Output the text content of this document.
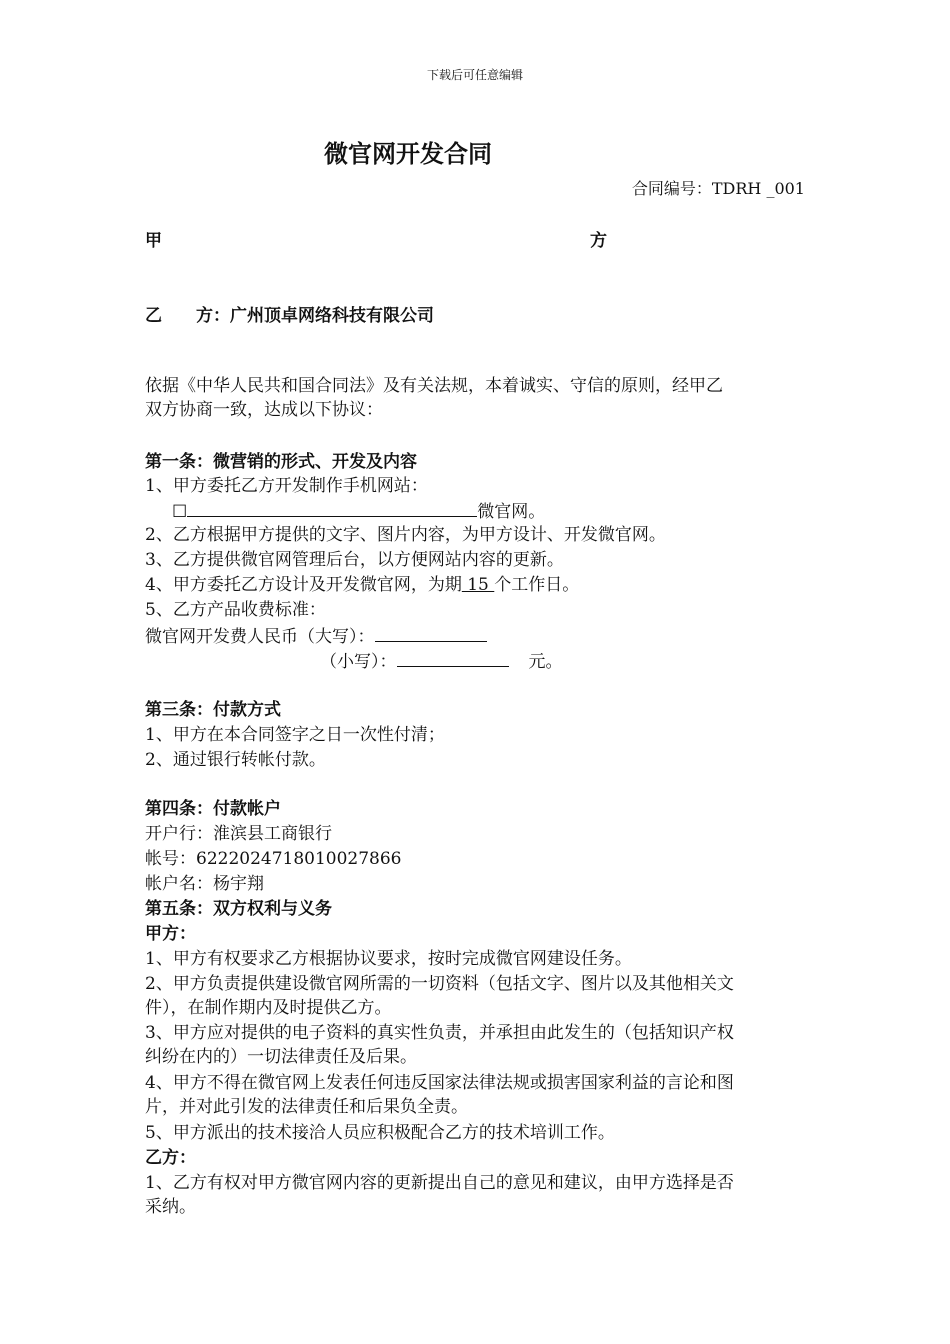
下载后可任意编辑
微官网开发合同
合同编号：TDRH _001
甲	方
乙　　方：广州顶卓网络科技有限公司
依据《中华人民共和国合同法》及有关法规，本着诚实、守信的原则，经甲乙
双方协商一致，达成以下协议：
第一条：微营销的形式、开发及内容
1、甲方委托乙方开发制作手机网站：
☐	微官网。
2、乙方根据甲方提供的文字、图片内容，为甲方设计、开发微官网。
3、乙方提供微官网管理后台，以方便网站内容的更新。
4、甲方委托乙方设计及开发微官网，为期 15 个工作日。
5、乙方产品收费标准：
微官网开发费人民币（大写）：
（小写）：	元。
第三条：付款方式
1、甲方在本合同签字之日一次性付清；
2、通过银行转帐付款。
第四条：付款帐户
开户行：淮滨县工商银行
帐号：6222024718010027866
帐户名：杨宇翔
第五条：双方权利与义务
甲方：
1、甲方有权要求乙方根据协议要求，按时完成微官网建设任务。
2、甲方负责提供建设微官网所需的一切资料（包括文字、图片以及其他相关文
件），在制作期内及时提供乙方。
3、甲方应对提供的电子资料的真实性负责，并承担由此发生的（包括知识产权
纠纷在内的）一切法律责任及后果。
4、甲方不得在微官网上发表任何违反国家法律法规或损害国家利益的言论和图
片，并对此引发的法律责任和后果负全责。
5、甲方派出的技术接洽人员应积极配合乙方的技术培训工作。
乙方：
1、乙方有权对甲方微官网内容的更新提出自己的意见和建议，由甲方选择是否
采纳。
